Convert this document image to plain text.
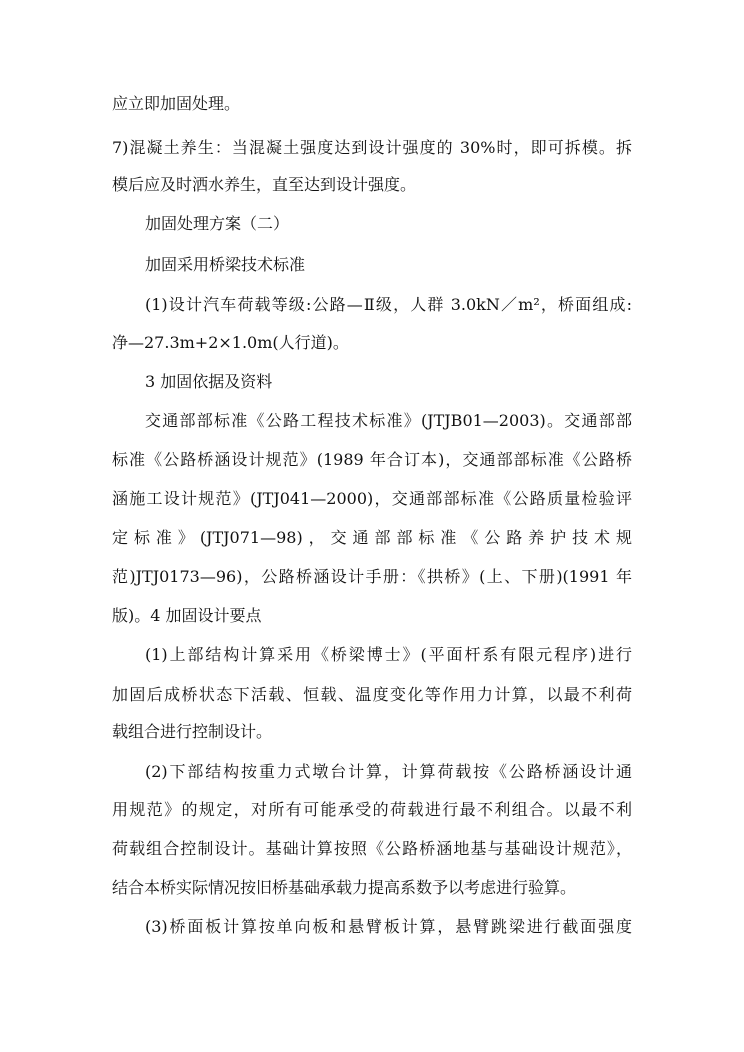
应立即加固处理。
7)混凝土养生：当混凝土强度达到设计强度的 30%时，即可拆模。拆
模后应及时洒水养生，直至达到设计强度。
加固处理方案（二）
加固采用桥梁技术标准
(1)设计汽车荷载等级:公路—Ⅱ级，人群 3.0kN／m²，桥面组成:
净—27.3m+2×1.0m(人行道)。
3 加固依据及资料
交通部部标准《公路工程技术标准》(JTJB01—2003)。交通部部
标准《公路桥涵设计规范》(1989 年合订本)，交通部部标准《公路桥
涵施工设计规范》(JTJ041—2000)，交通部部标准《公路质量检验评
定标准》(JTJ071—98)，交通部部标准《公路养护技术规
范)JTJ0173—96)，公路桥涵设计手册：《拱桥》(上、下册)(1991 年
版)。4 加固设计要点
(1)上部结构计算采用《桥梁博士》(平面杆系有限元程序)进行
加固后成桥状态下活载、恒载、温度变化等作用力计算，以最不利荷
载组合进行控制设计。
(2)下部结构按重力式墩台计算，计算荷载按《公路桥涵设计通
用规范》的规定，对所有可能承受的荷载进行最不利组合。以最不利
荷载组合控制设计。基础计算按照《公路桥涵地基与基础设计规范》，
结合本桥实际情况按旧桥基础承载力提高系数予以考虑进行验算。
(3)桥面板计算按单向板和悬臂板计算，悬臂跳梁进行截面强度
